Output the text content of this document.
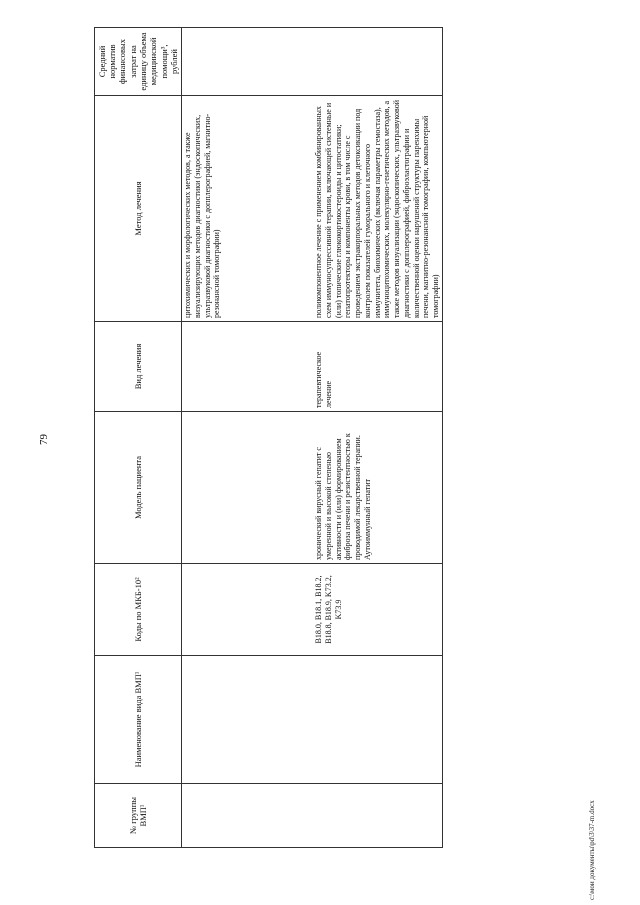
79
№ группы ВМП¹	Наименование вида ВМП¹	Коды по МКБ-10²	Модель пациента	Вид лечения	Метод лечения	Средний норматив финансовых затрат на единицу объема медицинской помощи³, рублей
					цитохимических и морфологических методов, а также визуализирующих методов диагностики (эндоскопических, ультразвуковой диагностики с допплерографией, магнитно-резонансной томографии)	
		B18.0, B18.1, B18.2, B18.8, B18.9, K73.2, K73.9	хронический вирусный гепатит с умеренной и высокой степенью активности и (или) формированием фиброза печени и резистентностью к проводимой лекарственной терапии. Аутоиммунный гепатит	терапевтическое лечение	поликомпонентное лечение с применением комбинированных схем иммуносупрессивной терапии, включающей системные и (или) топические глюкокортикостероиды и цитостатики; гепатопротекторы и компоненты крови, в том числе с проведением экстракорпоральных методов детоксикации под контролем показателей гуморального и клеточного иммунитета, биохимических (включая параметры гемостаза), иммуноцитохимических, молекулярно-генетических методов, а также методов визуализации (эндоскопических, ультразвуковой диагностики с допплерографией, фиброэластографии и количественной оценки нарушений структуры паренхимы печени, магнитно-резонансной томографии, компьютерной томографии)	
c:\мои документы\pd\3\37-m.docx
